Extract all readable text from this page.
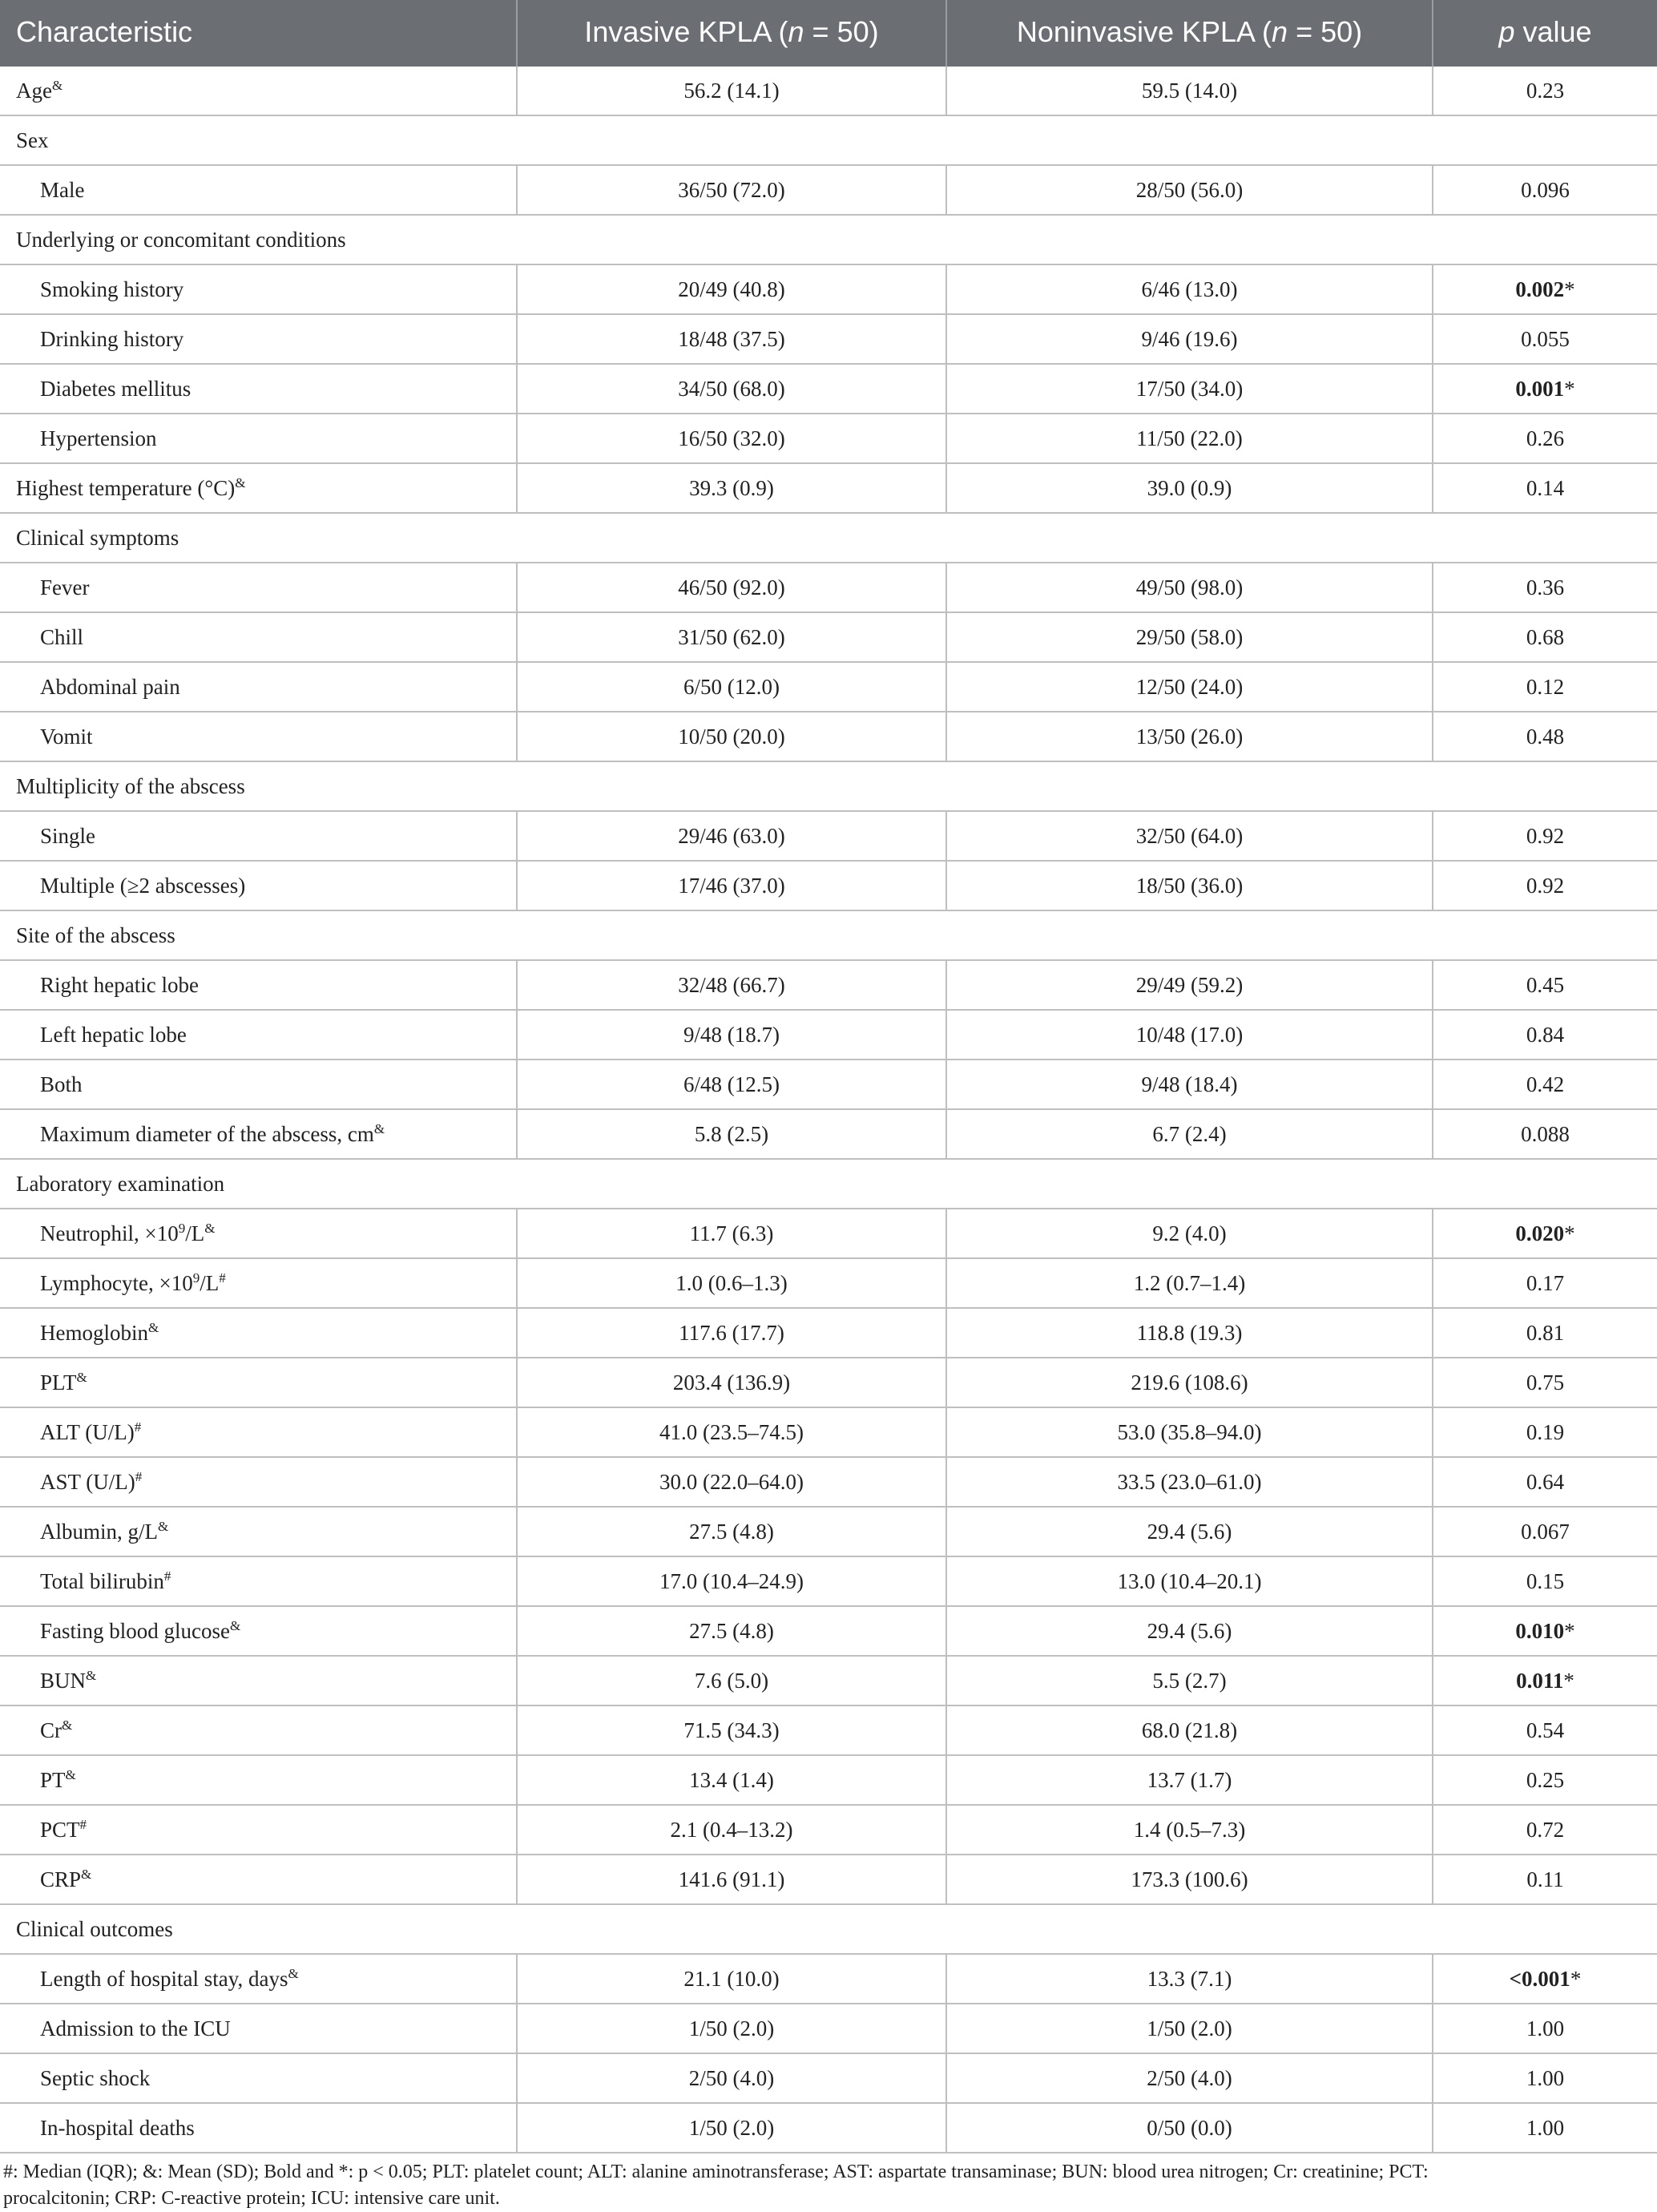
Characteristic	Invasive KPLA (n = 50)	Noninvasive KPLA (n = 50)	p value
Age&	56.2 (14.1)	59.5 (14.0)	0.23
Sex			
Male	36/50 (72.0)	28/50 (56.0)	0.096
Underlying or concomitant conditions			
Smoking history	20/49 (40.8)	6/46 (13.0)	0.002*
Drinking history	18/48 (37.5)	9/46 (19.6)	0.055
Diabetes mellitus	34/50 (68.0)	17/50 (34.0)	0.001*
Hypertension	16/50 (32.0)	11/50 (22.0)	0.26
Highest temperature (°C)&	39.3 (0.9)	39.0 (0.9)	0.14
Clinical symptoms			
Fever	46/50 (92.0)	49/50 (98.0)	0.36
Chill	31/50 (62.0)	29/50 (58.0)	0.68
Abdominal pain	6/50 (12.0)	12/50 (24.0)	0.12
Vomit	10/50 (20.0)	13/50 (26.0)	0.48
Multiplicity of the abscess			
Single	29/46 (63.0)	32/50 (64.0)	0.92
Multiple (≥2 abscesses)	17/46 (37.0)	18/50 (36.0)	0.92
Site of the abscess			
Right hepatic lobe	32/48 (66.7)	29/49 (59.2)	0.45
Left hepatic lobe	9/48 (18.7)	10/48 (17.0)	0.84
Both	6/48 (12.5)	9/48 (18.4)	0.42
Maximum diameter of the abscess, cm&	5.8 (2.5)	6.7 (2.4)	0.088
Laboratory examination			
Neutrophil, $\times 10^9/L^{\&}$	11.7 (6.3)	9.2 (4.0)	0.020*
Lymphocyte, $\times 10^9/L^{\#}$	1.0 (0.6–1.3)	1.2 (0.7–1.4)	0.17
Hemoglobin&	117.6 (17.7)	118.8 (19.3)	0.81
PLT&	203.4 (136.9)	219.6 (108.6)	0.75
ALT (U/L)#	41.0 (23.5–74.5)	53.0 (35.8–94.0)	0.19
AST (U/L)#	30.0 (22.0–64.0)	33.5 (23.0–61.0)	0.64
Albumin, g/L&	27.5 (4.8)	29.4 (5.6)	0.067
Total bilirubin#	17.0 (10.4–24.9)	13.0 (10.4–20.1)	0.15
Fasting blood glucose&	27.5 (4.8)	29.4 (5.6)	0.010*
BUN&	7.6 (5.0)	5.5 (2.7)	0.011*
Cr&	71.5 (34.3)	68.0 (21.8)	0.54
PT&	13.4 (1.4)	13.7 (1.7)	0.25
PCT#	2.1 (0.4–13.2)	1.4 (0.5–7.3)	0.72
CRP&	141.6 (91.1)	173.3 (100.6)	0.11
Clinical outcomes			
Length of hospital stay, days&	21.1 (10.0)	13.3 (7.1)	<0.001*
Admission to the ICU	1/50 (2.0)	1/50 (2.0)	1.00
Septic shock	2/50 (4.0)	2/50 (4.0)	1.00
In-hospital deaths	1/50 (2.0)	0/50 (0.0)	1.00
#: Median (IQR); &: Mean (SD); Bold and *: p < 0.05; PLT: platelet count; ALT: alanine aminotransferase; AST: aspartate transaminase; BUN: blood urea nitrogen; Cr: creatinine; PCT:
procalcitonin; CRP: C-reactive protein; ICU: intensive care unit.
